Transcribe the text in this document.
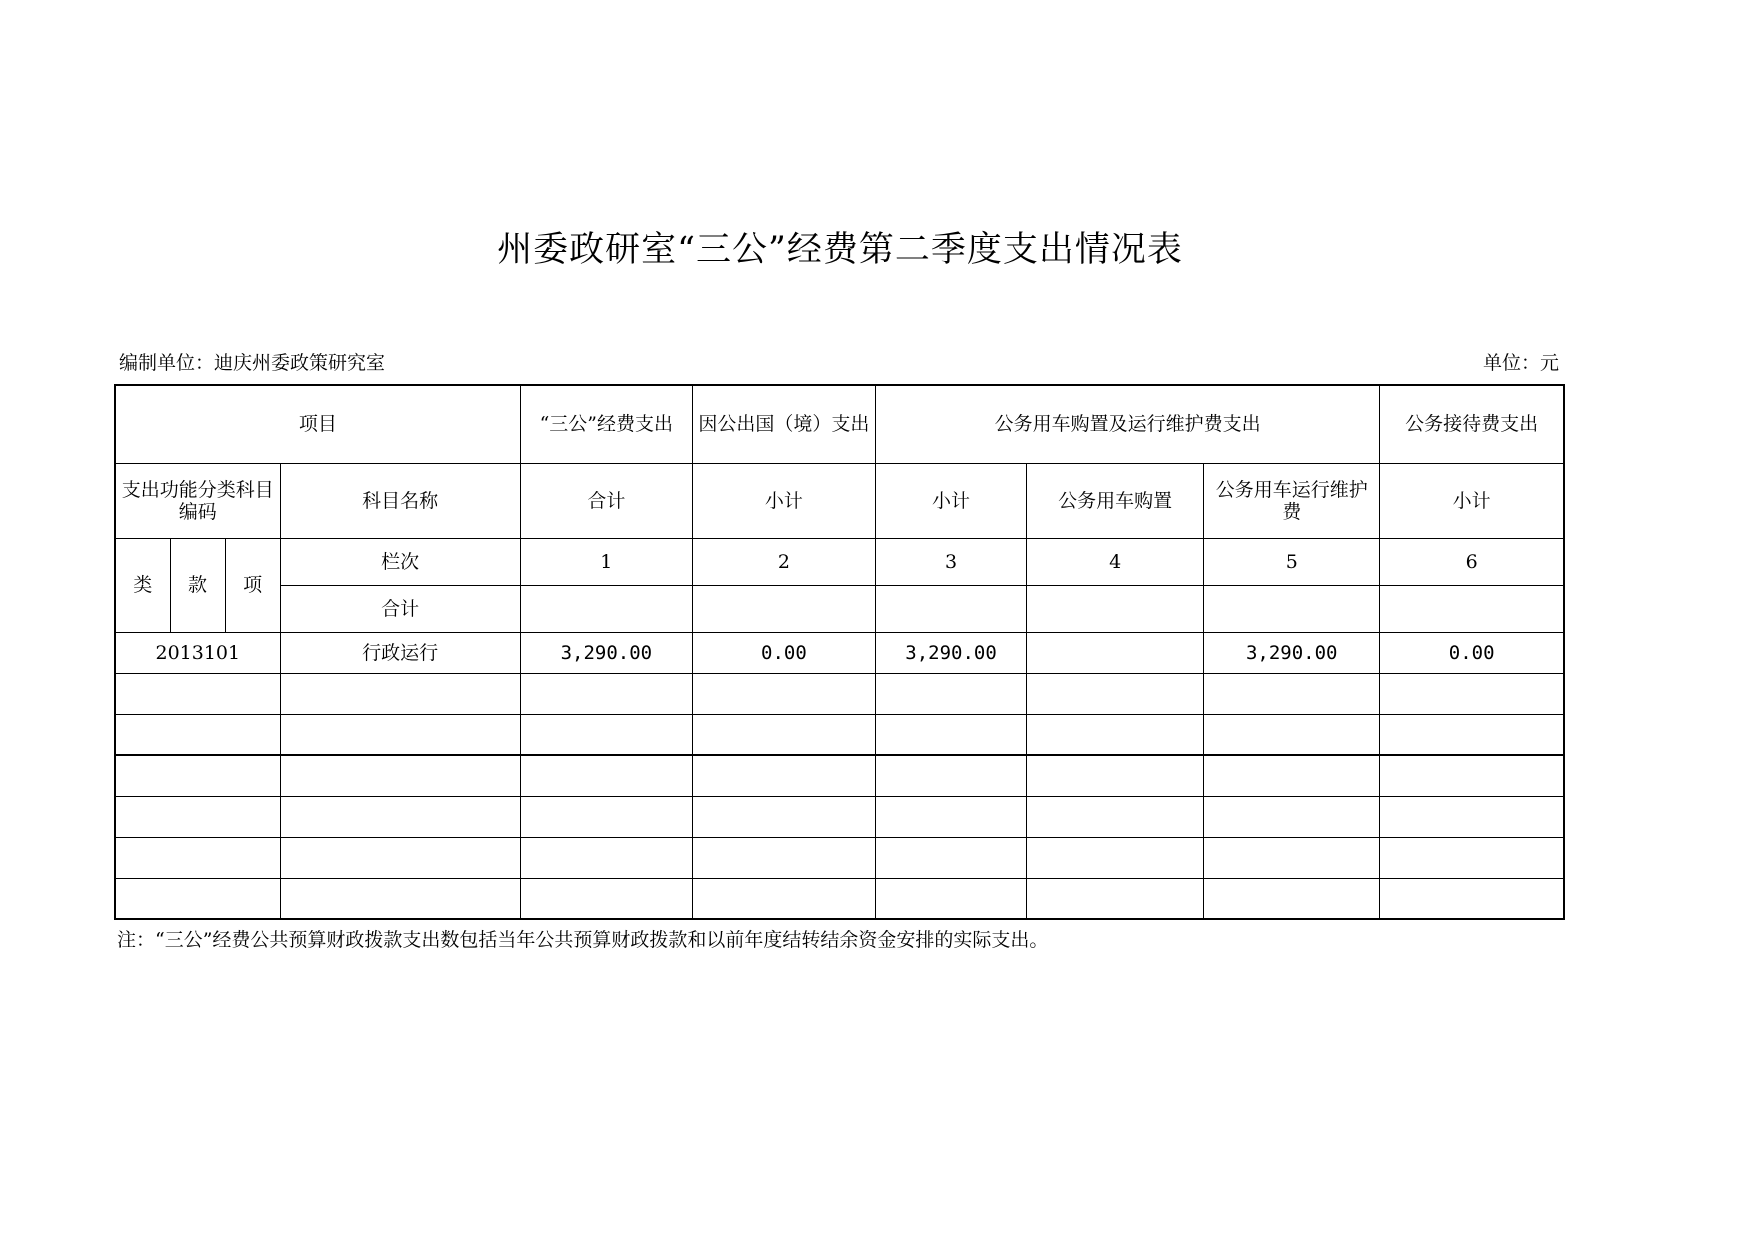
州委政研室“三公”经费第二季度支出情况表
编制单位：迪庆州委政策研究室	单位：元
项目				“三公”经费支出	因公出国（境）支出	公务用车购置及运行维护费支出			公务接待费支出
支出功能分类科目编码			科目名称	合计	小计	小计	公务用车购置	公务用车运行维护费	小计
类	款	项	栏次	1	2	3	4	5	6
			合计						
2013101			行政运行	3,290.00	0.00	3,290.00		3,290.00	0.00

注：“三公”经费公共预算财政拨款支出数包括当年公共预算财政拨款和以前年度结转结余资金安排的实际支出。
